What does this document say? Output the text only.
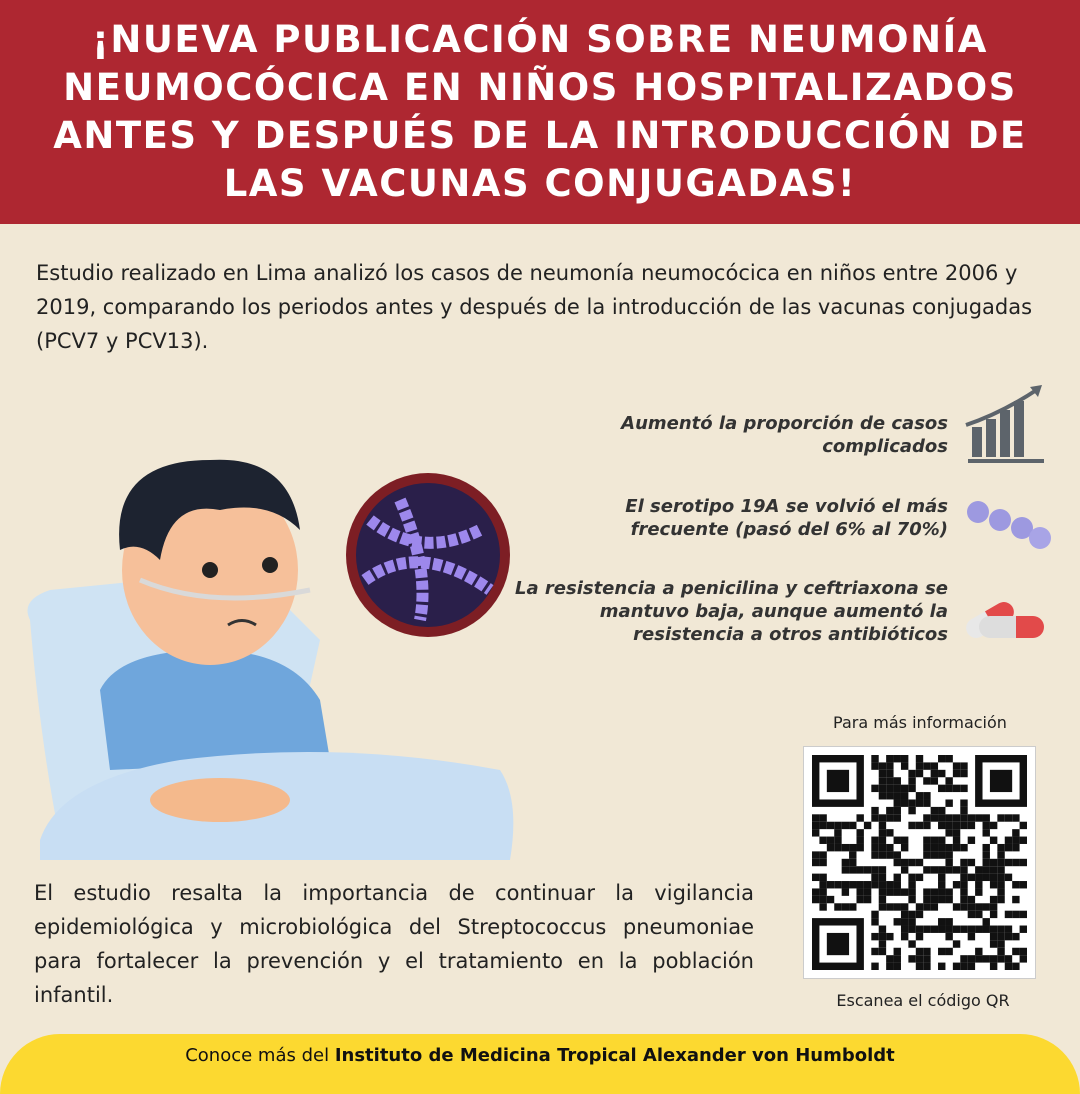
¡NUEVA PUBLICACIÓN SOBRE NEUMONÍA NEUMOCÓCICA EN NIÑOS HOSPITALIZADOS ANTES Y DESPUÉS DE LA INTRODUCCIÓN DE LAS VACUNAS CONJUGADAS!

Estudio realizado en Lima analizó los casos de neumonía neumocócica en niños entre 2006 y 2019, comparando los periodos antes y después de la introducción de las vacunas conjugadas (PCV7 y PCV13).

Aumentó la proporción de casos complicados
El serotipo 19A se volvió el más frecuente (pasó del 6% al 70%)
La resistencia a penicilina y ceftriaxona se mantuvo baja, aunque aumentó la resistencia a otros antibióticos

El estudio resalta la importancia de continuar la vigilancia epidemiológica y microbiológica del Streptococcus pneumoniae para fortalecer la prevención y el tratamiento en la población infantil.

Para más información
Escanea el código QR
Conoce más del Instituto de Medicina Tropical Alexander von Humboldt
